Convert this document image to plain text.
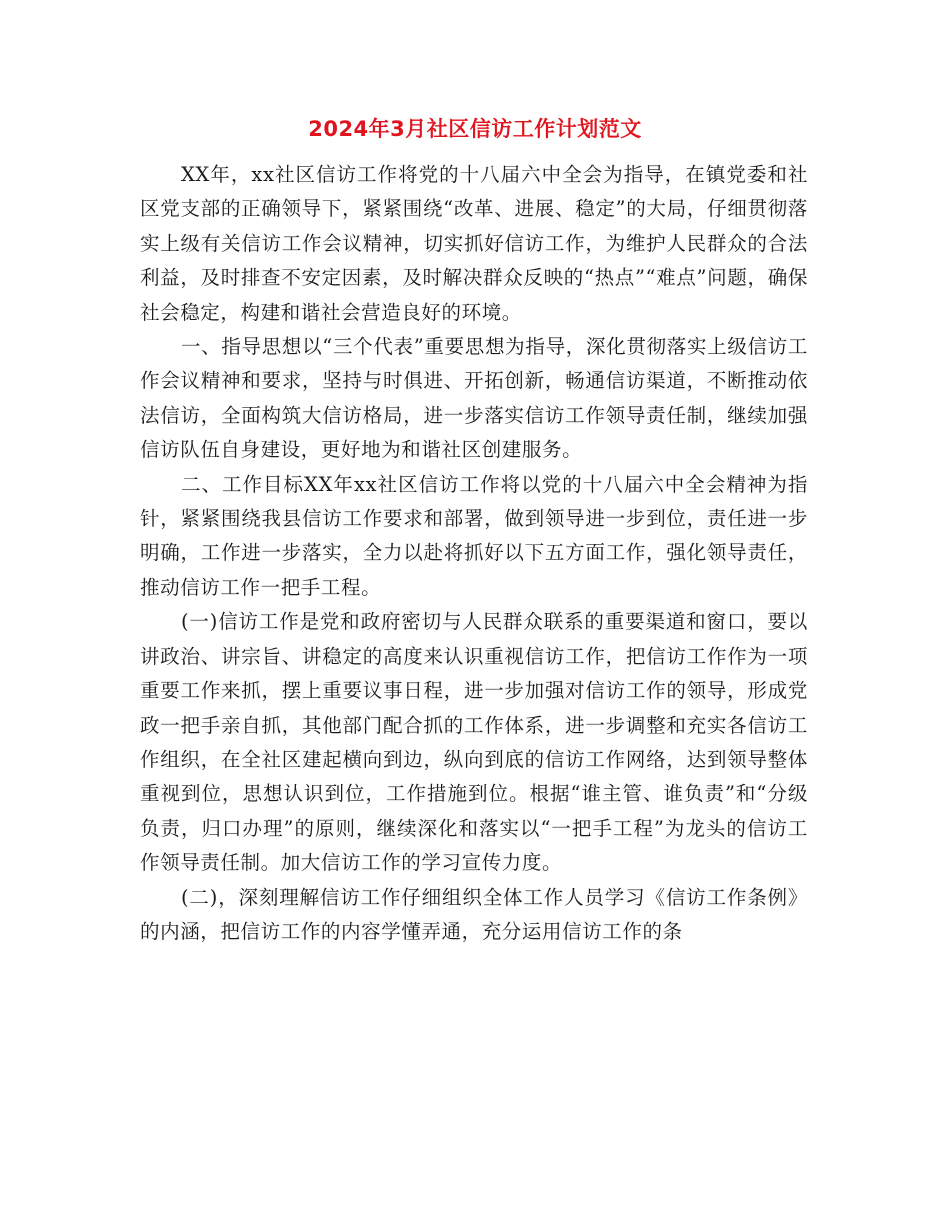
2024年3月社区信访工作计划范文

XX年，xx社区信访工作将党的十八届六中全会为指导，在镇党委和社区党支部的正确领导下，紧紧围绕“改革、进展、稳定”的大局，仔细贯彻落实上级有关信访工作会议精神，切实抓好信访工作，为维护人民群众的合法利益，及时排查不安定因素，及时解决群众反映的“热点”“难点”问题，确保社会稳定，构建和谐社会营造良好的环境。

一、指导思想以“三个代表”重要思想为指导，深化贯彻落实上级信访工作会议精神和要求，坚持与时俱进、开拓创新，畅通信访渠道，不断推动依法信访，全面构筑大信访格局，进一步落实信访工作领导责任制，继续加强信访队伍自身建设，更好地为和谐社区创建服务。

二、工作目标XX年xx社区信访工作将以党的十八届六中全会精神为指针，紧紧围绕我县信访工作要求和部署，做到领导进一步到位，责任进一步明确，工作进一步落实，全力以赴将抓好以下五方面工作，强化领导责任，推动信访工作一把手工程。

(一)信访工作是党和政府密切与人民群众联系的重要渠道和窗口，要以讲政治、讲宗旨、讲稳定的高度来认识重视信访工作，把信访工作作为一项重要工作来抓，摆上重要议事日程，进一步加强对信访工作的领导，形成党政一把手亲自抓，其他部门配合抓的工作体系，进一步调整和充实各信访工作组织，在全社区建起横向到边，纵向到底的信访工作网络，达到领导整体重视到位，思想认识到位，工作措施到位。根据“谁主管、谁负责”和“分级负责，归口办理”的原则，继续深化和落实以“一把手工程”为龙头的信访工作领导责任制。加大信访工作的学习宣传力度。

(二)，深刻理解信访工作仔细组织全体工作人员学习《信访工作条例》的内涵，把信访工作的内容学懂弄通，充分运用信访工作的条
